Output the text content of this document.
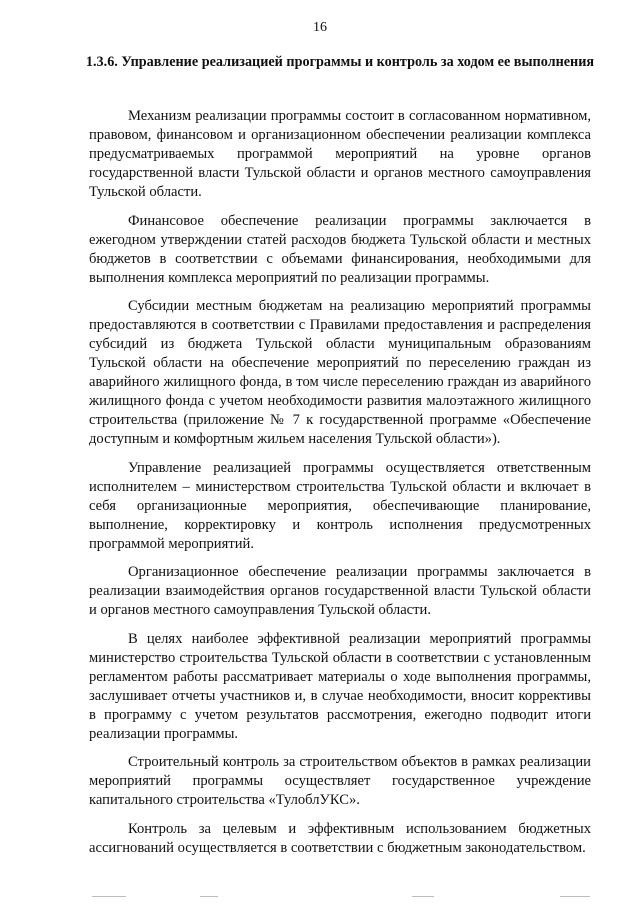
16
1.3.6. Управление реализацией программы и контроль за ходом ее выполнения

Механизм реализации программы состоит в согласованном нормативном, правовом, финансовом и организационном обеспечении реализации комплекса предусматриваемых программой мероприятий на уровне органов государственной власти Тульской области и органов местного самоуправления Тульской области.

Финансовое обеспечение реализации программы заключается в ежегодном утверждении статей расходов бюджета Тульской области и местных бюджетов в соответствии с объемами финансирования, необходимыми для выполнения комплекса мероприятий по реализации программы.

Субсидии местным бюджетам на реализацию мероприятий программы предоставляются в соответствии с Правилами предоставления и распределения субсидий из бюджета Тульской области муниципальным образованиям Тульской области на обеспечение мероприятий по переселению граждан из аварийного жилищного фонда, в том числе переселению граждан из аварийного жилищного фонда с учетом необходимости развития малоэтажного жилищного строительства (приложение № 7 к государственной программе «Обеспечение доступным и комфортным жильем населения Тульской области»).

Управление реализацией программы осуществляется ответственным исполнителем – министерством строительства Тульской области и включает в себя организационные мероприятия, обеспечивающие планирование, выполнение, корректировку и контроль исполнения предусмотренных программой мероприятий.

Организационное обеспечение реализации программы заключается в реализации взаимодействия органов государственной власти Тульской области и органов местного самоуправления Тульской области.

В целях наиболее эффективной реализации мероприятий программы министерство строительства Тульской области в соответствии с установленным регламентом работы рассматривает материалы о ходе выполнения программы, заслушивает отчеты участников и, в случае необходимости, вносит коррективы в программу с учетом результатов рассмотрения, ежегодно подводит итоги реализации программы.

Строительный контроль за строительством объектов в рамках реализации мероприятий программы осуществляет государственное учреждение капитального строительства «ТулоблУКС».

Контроль за целевым и эффективным использованием бюджетных ассигнований осуществляется в соответствии с бюджетным законодательством.
